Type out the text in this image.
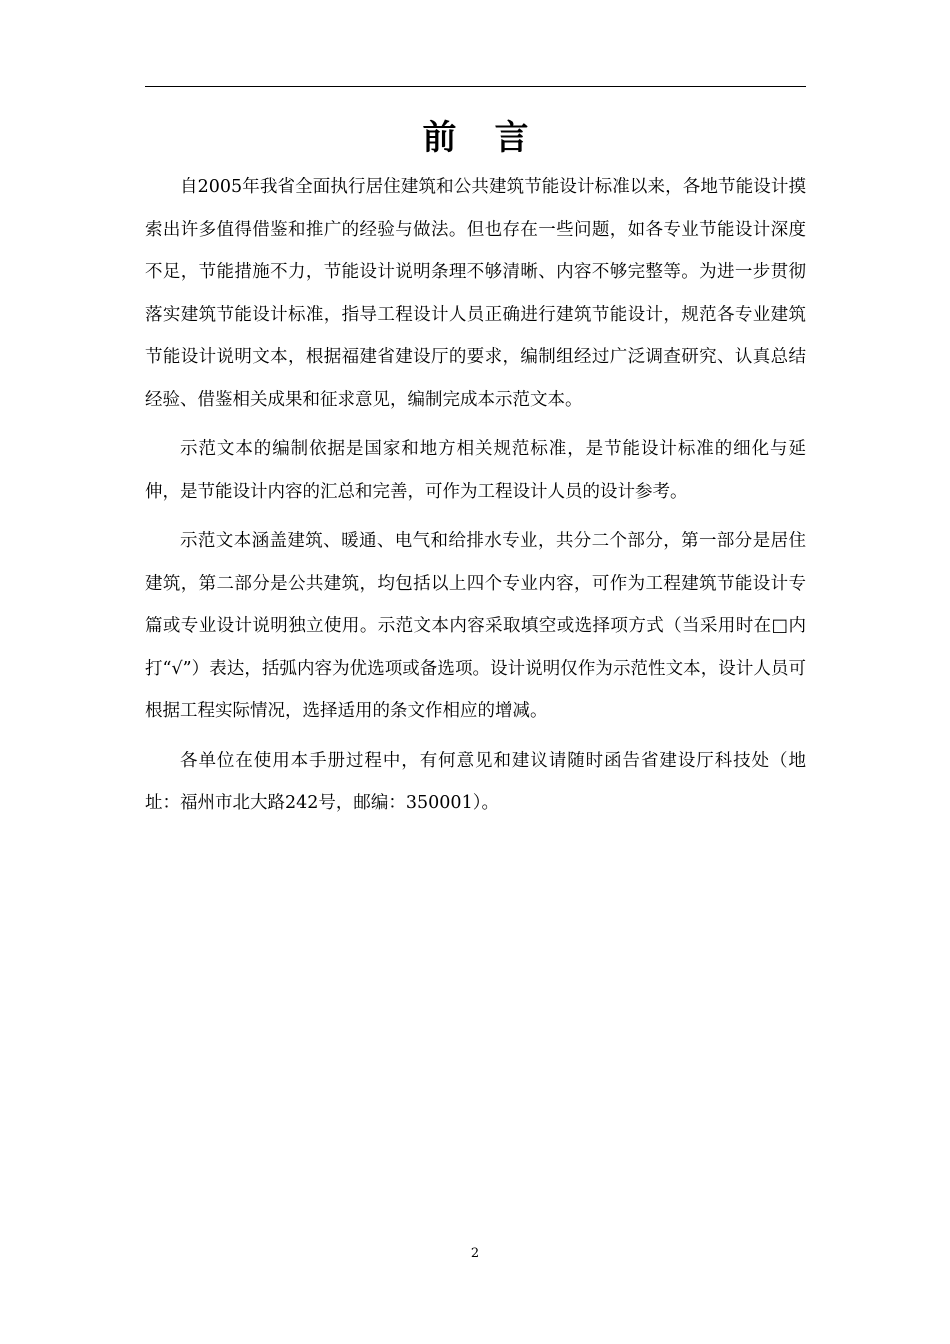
前言

自2005年我省全面执行居住建筑和公共建筑节能设计标准以来，各地节能设计摸索出许多值得借鉴和推广的经验与做法。但也存在一些问题，如各专业节能设计深度不足，节能措施不力，节能设计说明条理不够清晰、内容不够完整等。为进一步贯彻落实建筑节能设计标准，指导工程设计人员正确进行建筑节能设计，规范各专业建筑节能设计说明文本，根据福建省建设厅的要求，编制组经过广泛调查研究、认真总结经验、借鉴相关成果和征求意见，编制完成本示范文本。

示范文本的编制依据是国家和地方相关规范标准，是节能设计标准的细化与延伸，是节能设计内容的汇总和完善，可作为工程设计人员的设计参考。

示范文本涵盖建筑、暖通、电气和给排水专业，共分二个部分，第一部分是居住建筑，第二部分是公共建筑，均包括以上四个专业内容，可作为工程建筑节能设计专篇或专业设计说明独立使用。示范文本内容采取填空或选择项方式（当采用时在□内打“√”）表达，括弧内容为优选项或备选项。设计说明仅作为示范性文本，设计人员可根据工程实际情况，选择适用的条文作相应的增减。

各单位在使用本手册过程中，有何意见和建议请随时函告省建设厅科技处（地址：福州市北大路242号，邮编：350001）。

2
